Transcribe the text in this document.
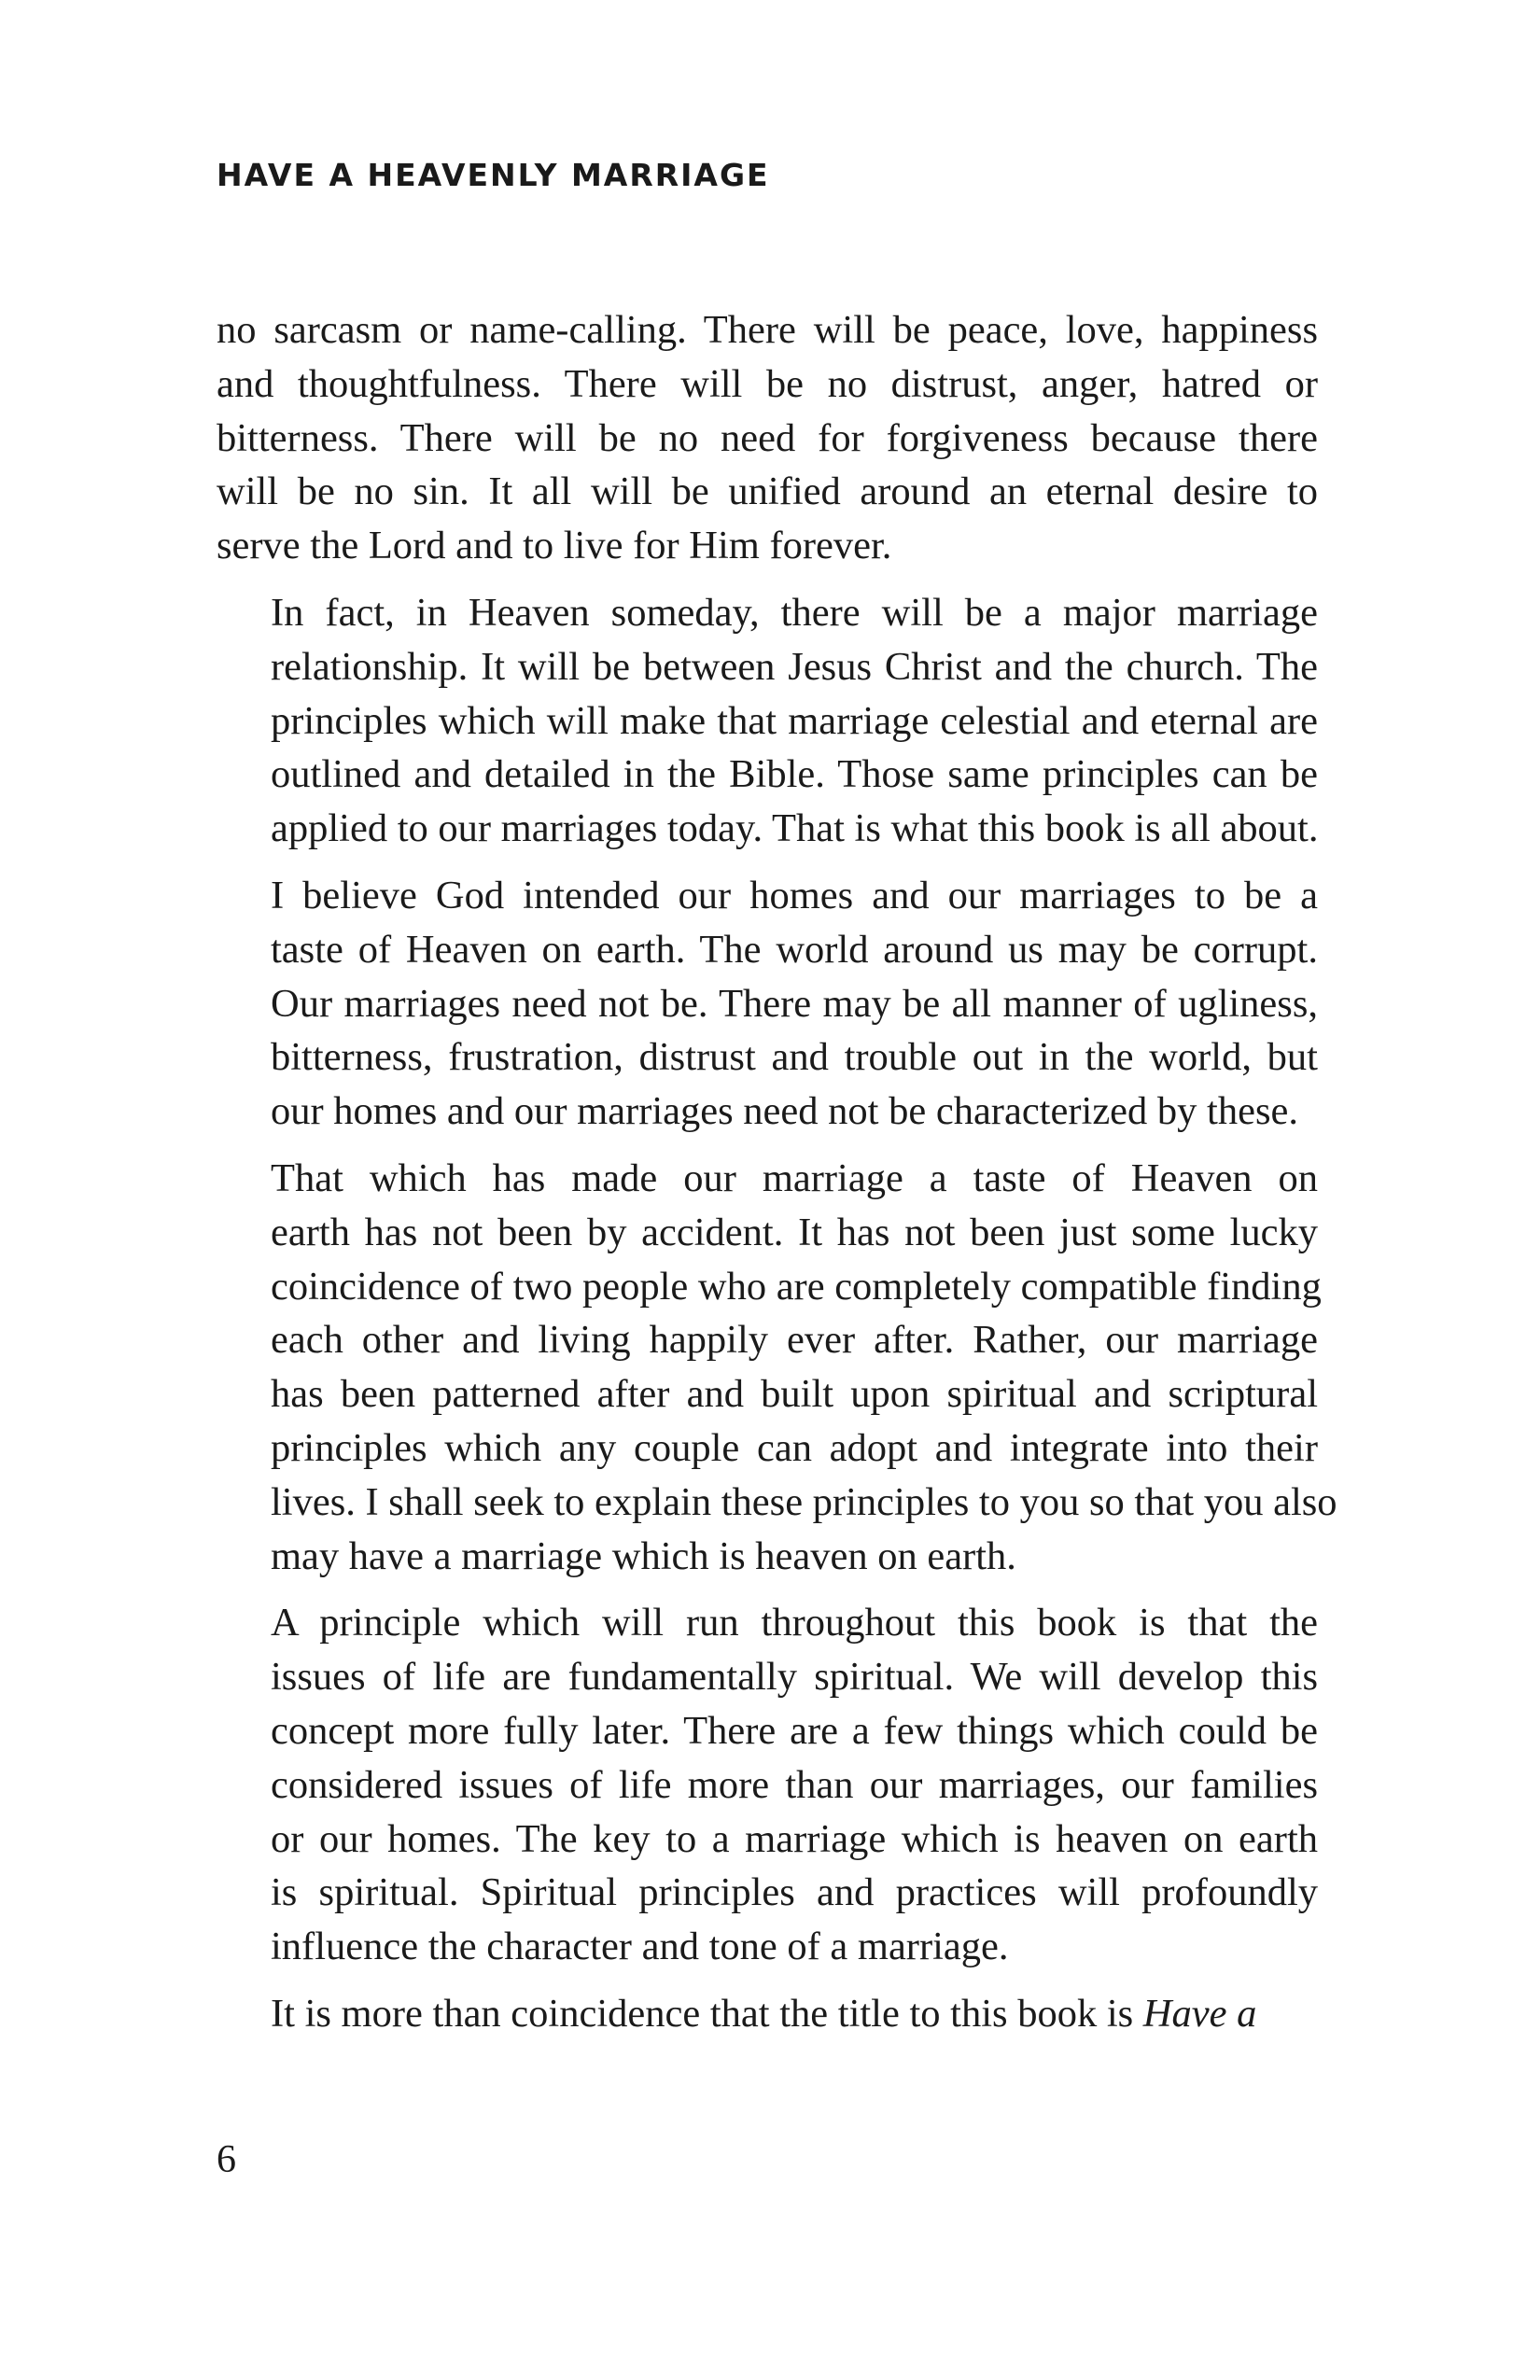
HAVE A HEAVENLY MARRIAGE
no sarcasm or name-calling. There will be peace, love, happiness
and thoughtfulness. There will be no distrust, anger, hatred or
bitterness. There will be no need for forgiveness because there
will be no sin. It all will be unified around an eternal desire to
serve the Lord and to live for Him forever.
In fact, in Heaven someday, there will be a major marriage
relationship. It will be between Jesus Christ and the church. The
principles which will make that marriage celestial and eternal are
outlined and detailed in the Bible. Those same principles can be
applied to our marriages today. That is what this book is all about.
I believe God intended our homes and our marriages to be a
taste of Heaven on earth. The world around us may be corrupt.
Our marriages need not be. There may be all manner of ugliness,
bitterness, frustration, distrust and trouble out in the world, but
our homes and our marriages need not be characterized by these.
That which has made our marriage a taste of Heaven on
earth has not been by accident. It has not been just some lucky
coincidence of two people who are completely compatible finding
each other and living happily ever after. Rather, our marriage
has been patterned after and built upon spiritual and scriptural
principles which any couple can adopt and integrate into their
lives. I shall seek to explain these principles to you so that you also
may have a marriage which is heaven on earth.
A principle which will run throughout this book is that the
issues of life are fundamentally spiritual. We will develop this
concept more fully later. There are a few things which could be
considered issues of life more than our marriages, our families
or our homes. The key to a marriage which is heaven on earth
is spiritual. Spiritual principles and practices will profoundly
influence the character and tone of a marriage.
It is more than coincidence that the title to this book is Have a
6
